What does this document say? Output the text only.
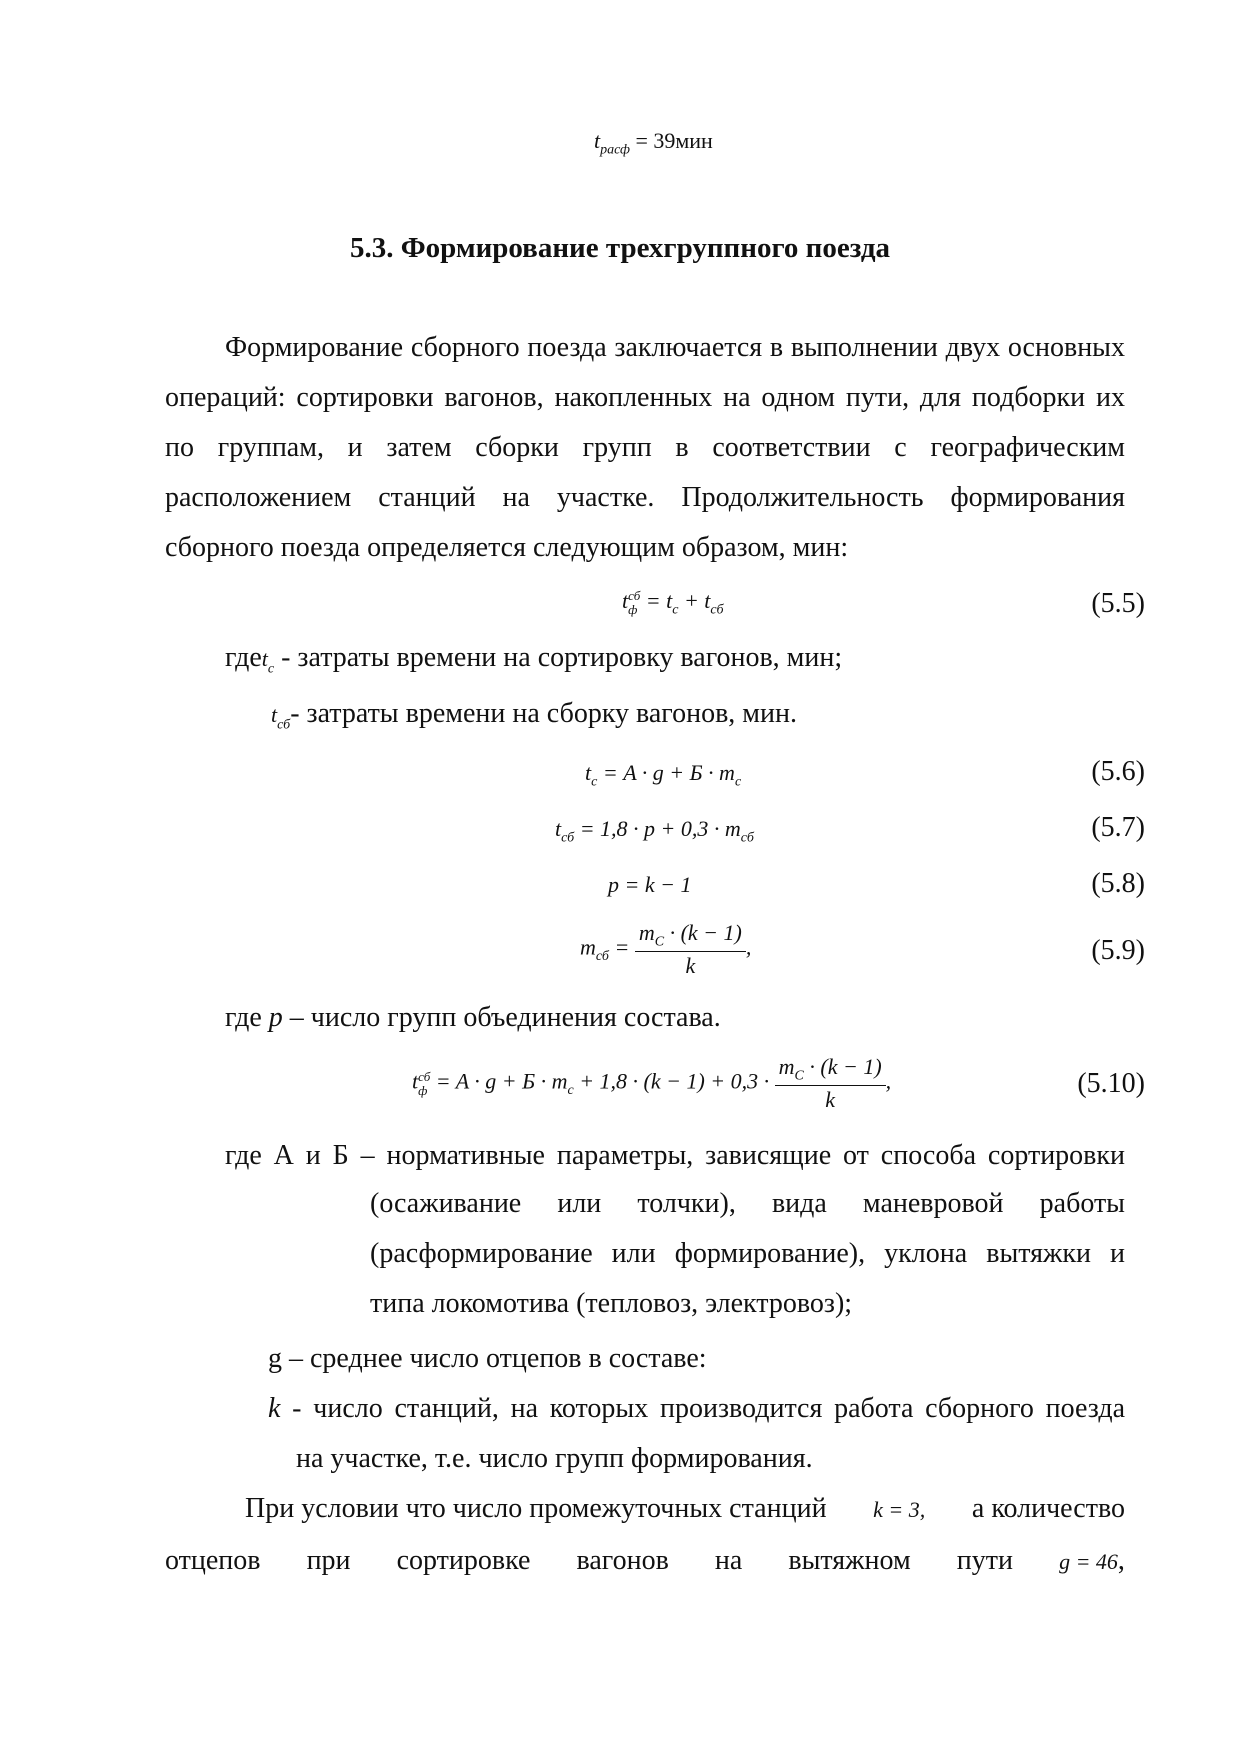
$t_{расф} = 39мин$
5.3. Формирование трехгруппного поезда
Формирование сборного поезда заключается в выполнении двух основных операций: сортировки вагонов, накопленных на одном пути, для подборки их по группам, и затем сборки групп в соответствии с географическим расположением станций на участке. Продолжительность формирования сборного поезда определяется следующим образом, мин:
t сб
$ф = t_с + t_{сб}$	(5.5)
гдеt$_с$ - затраты времени на сортировку вагонов, мин;
$t_{сб}-$ затраты времени на сборку вагонов, мин.
$t_с = A \cdot g + Б \cdot m_с$	(5.6)
$t_{сб} = 1,8 \cdot p + 0,3 \cdot m_{сб}$	(5.7)
p = k − 1	(5.8)
$m_{сб} = \frac{m_C \cdot (k - 1)}{k}$ ,	(5.9)
где p – число групп объединения состава.
t сб
$ф = A \cdot g + Б \cdot m_с + 1,8 \cdot (k - 1) + 0,3 \cdot \frac{m_C \cdot (k - 1)}{k}$ ,	(5.10)
где А и Б – нормативные параметры, зависящие от способа сортировки
(осаживание или толчки), вида маневровой работы (расформирование или формирование), уклона вытяжки и типа локомотива (тепловоз, электровоз);
g – среднее число отцепов в составе:
k - число станций, на которых производится работа сборного поезда
на участке, т.е. число групп формирования.
При условии что число промежуточных станций k = 3, а количество
отцепов при сортировке вагонов на вытяжном пути g = 46,
